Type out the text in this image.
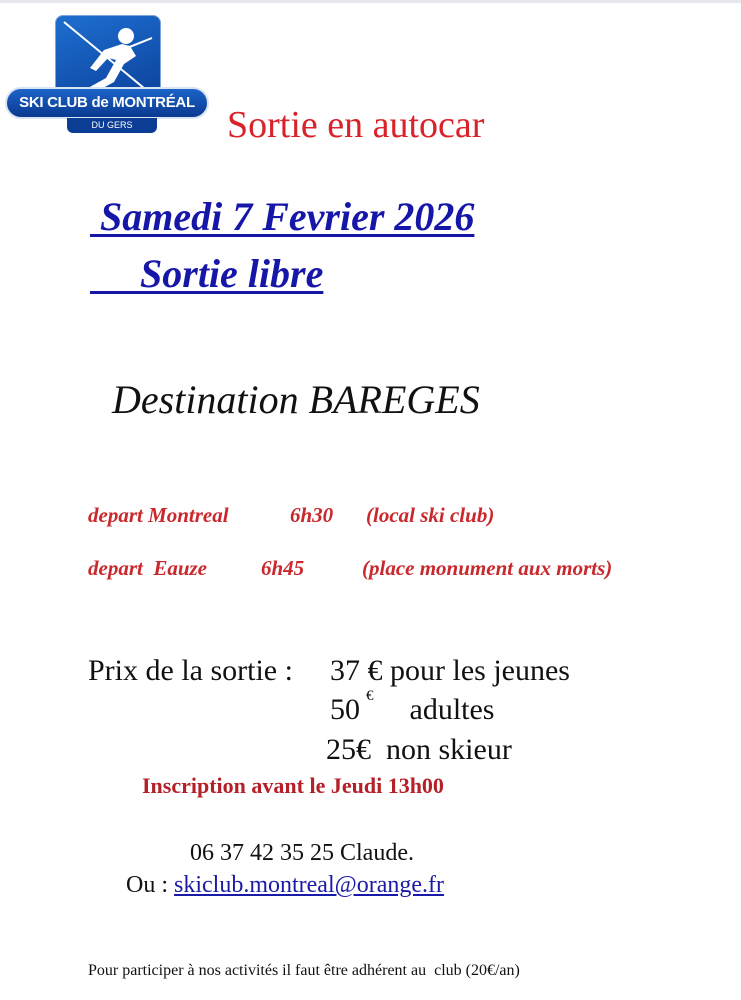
SKI CLUB de MONTRÉAL
DU GERS	Sortie en autocar
Samedi 7 Fevrier 2026
Sortie libre
Destination BAREGES
depart Montreal	6h30 (local ski club)
depart  Eauze	6h45	(place monument aux morts)
Prix de la sortie : 37 € pour les jeunes
50 € adultes
25€  non skieur
Inscription avant le Jeudi 13h00
06 37 42 35 25 Claude.
Ou : skiclub.montreal@orange.fr
Pour participer à nos activités il faut être adhérent au  club (20€/an)
